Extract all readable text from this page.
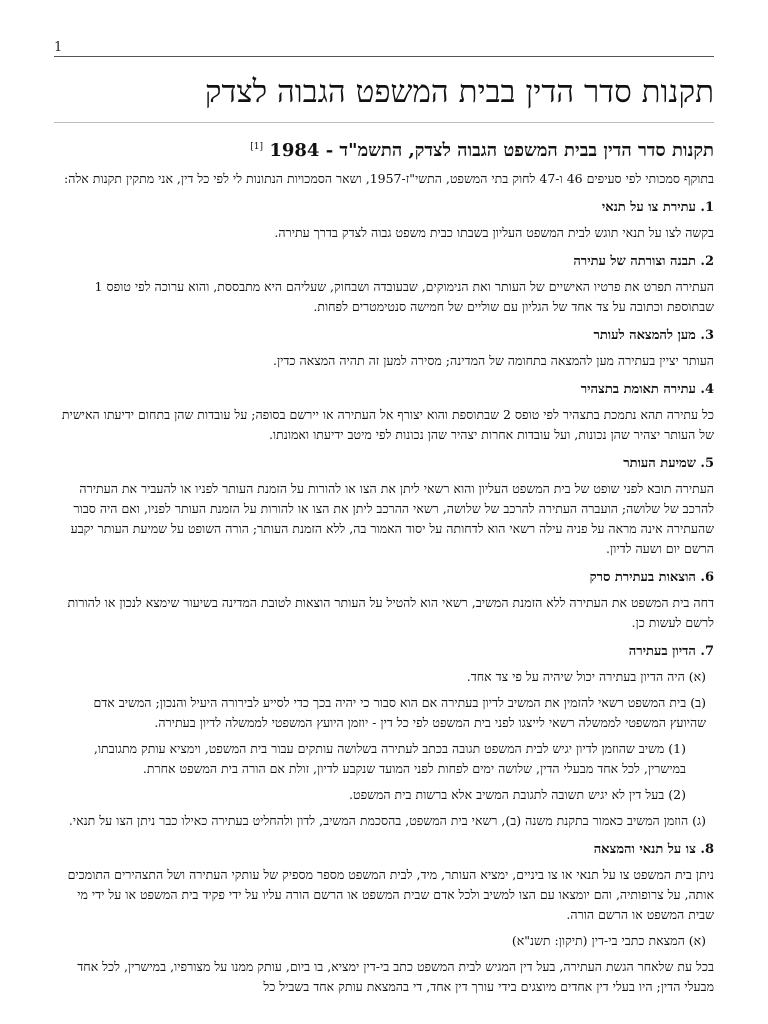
1
תקנות סדר הדין בבית המשפט הגבוה לצדק
תקנות סדר הדין בבית המשפט הגבוה לצדק, התשמ"ד - 1984 [1]

בתוקף סמכותי לפי סעיפים 46 ו-47 לחוק בתי המשפט, התשי"ז-1957, ושאר הסמכויות הנתונות לי לפי כל דין, אני מתקין תקנות אלה:

1. עתירת צו על תנאי

בקשה לצו על תנאי תוגש לבית המשפט העליון בשבתו כבית משפט גבוה לצדק בדרך עתירה.

2. תבנה וצורתה של עתירה

העתירה תפרט את פרטיו האישיים של העותר ואת הנימוקים, שבעובדה ושבחוק, שעליהם היא מתבססת, והוא ערוכה לפי טופס 1 שבתוספת וכתובה על צד אחד של הגליון עם שוליים של חמישה סנטימטרים לפחות.

3. מען להמצאה לעותר

העותר יציין בעתירה מען להמצאה בתחומה של המדינה; מסירה למען זה תהיה המצאה כדין.

4. עתירה תאומת בתצהיר

כל עתירה תהא נתמכת בתצהיר לפי טופס 2 שבתוספת והוא יצורף אל העתירה או יירשם בסופה; על עובדות שהן בתחום ידיעתו האישית של העותר יצהיר שהן נכונות, ועל עובדות אחרות יצהיר שהן נכונות לפי מיטב ידיעתו ואמונתו.

5. שמיעת העותר

העתירה תובא לפני שופט של בית המשפט העליון והוא רשאי ליתן את הצו או להורות על הזמנת העותר לפניו או להעביר את העתירה להרכב של שלושה; הועברה העתירה להרכב של שלושה, רשאי ההרכב ליתן את הצו או להורות על הזמנת העותר לפניו, ואם היה סבור שהעתירה אינה מראה על פניה עילה רשאי הוא לדחותה על יסוד האמור בה, ללא הזמנת העותר; הורה השופט על שמיעת העותר יקבע הרשם יום ושעה לדיון.

6. הוצאות בעתירת סרק

דחה בית המשפט את העתירה ללא הזמנת המשיב, רשאי הוא להטיל על העותר הוצאות לטובת המדינה בשיעור שימצא לנכון או להורות לרשם לעשות כן.

7. הדיון בעתירה

(א) היה הדיון בעתירה יכול שיהיה על פי צד אחד.

(ב) בית המשפט רשאי להזמין את המשיב לדיון בעתירה אם הוא סבור כי יהיה בכך כדי לסייע לבירורה היעיל והנכון; המשיב אדם שהיועץ המשפטי לממשלה רשאי לייצגו לפני בית המשפט לפי כל דין - יוזמן היועץ המשפטי לממשלה לדיון בעתירה.

(1) משיב שהוזמן לדיון יגיש לבית המשפט תגובה בכתב לעתירה בשלושה עותקים עבור בית המשפט, וימציא עותק מתגובתו, במישרין, לכל אחד מבעלי הדין, שלושה ימים לפחות לפני המועד שנקבע לדיון, זולת אם הורה בית המשפט אחרת.

(2) בעל דין לא יגיש תשובה לתגובת המשיב אלא ברשות בית המשפט.

(ג) הוזמן המשיב כאמור בתקנת משנה (ב), רשאי בית המשפט, בהסכמת המשיב, לדון ולהחליט בעתירה כאילו כבר ניתן הצו על תנאי.

8. צו על תנאי והמצאה

ניתן בית המשפט צו על תנאי או צו ביניים, ימציא העותר, מיד, לבית המשפט מספר מספיק של עותקי העתירה ושל התצהירים התומכים אותה, על צרופותיה, והם יומצאו עם הצו למשיב ולכל אדם שבית המשפט או הרשם הורה עליו על ידי פקיד בית המשפט או על ידי מי שבית המשפט או הרשם הורה.

(א) המצאת כתבי בי-דין (תיקון: תשנ"א)

בכל עת שלאחר הגשת העתירה, בעל דין המגיש לבית המשפט כתב בי-דין ימציא, בו ביום, עותק ממנו על מצורפיו, במישרין, לכל אחד מבעלי הדין; היו בעלי דין אחדים מיוצגים בידי עורך דין אחד, די בהמצאת עותק אחד בשביל כל
